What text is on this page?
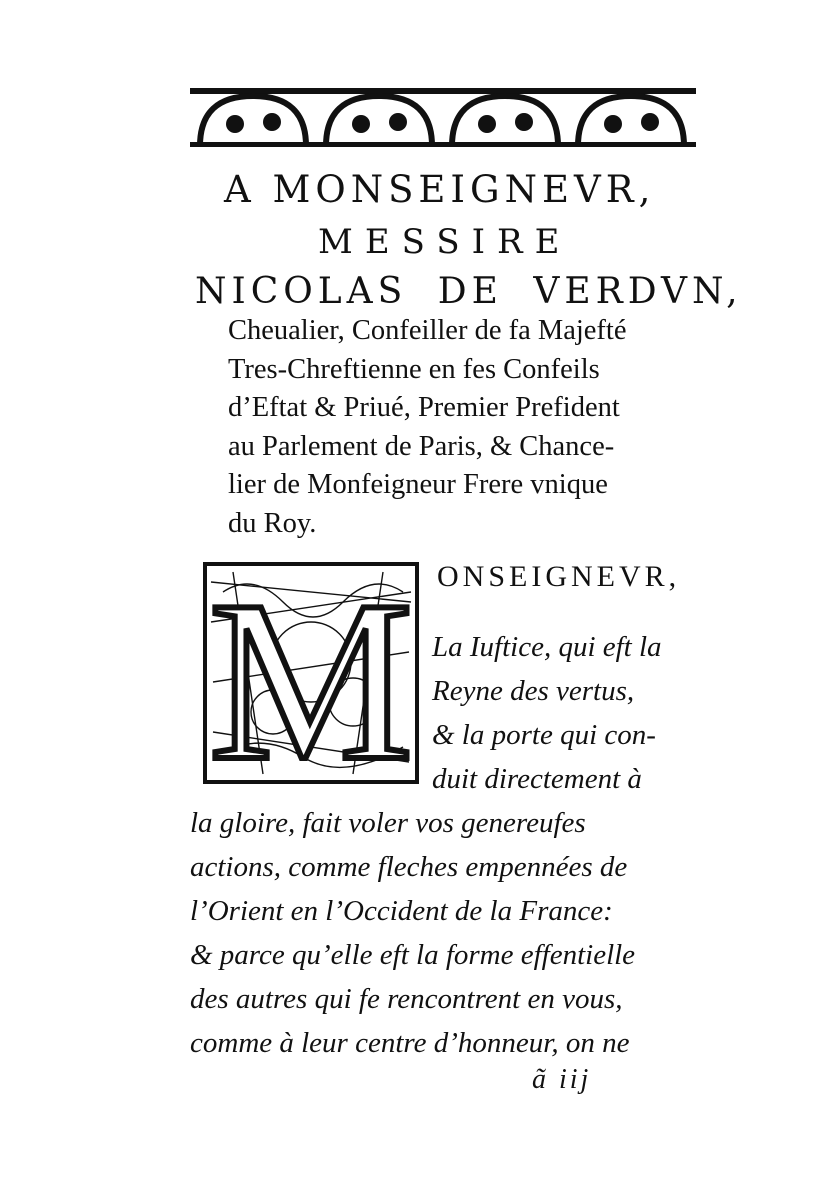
A MONSEIGNEVR,
MESSIRE
NICOLAS DE VERDVN,
Cheualier, Confeiller de fa Majefté
Tres-Chreftienne en fes Confeils
d’Eftat & Priué, Premier Prefident
au Parlement de Paris, & Chance-
lier de Monfeigneur Frere vnique
du Roy.
M ONSEIGNEVR,
La Iuftice, qui eft la
Reyne des vertus,
& la porte qui con-
duit directement à
la gloire, fait voler vos genereufes
actions, comme fleches empennées de
l’Orient en l’Occident de la France:
& parce qu’elle eft la forme effentielle
des autres qui fe rencontrent en vous,
comme à leur centre d’honneur, on ne
ã iij
